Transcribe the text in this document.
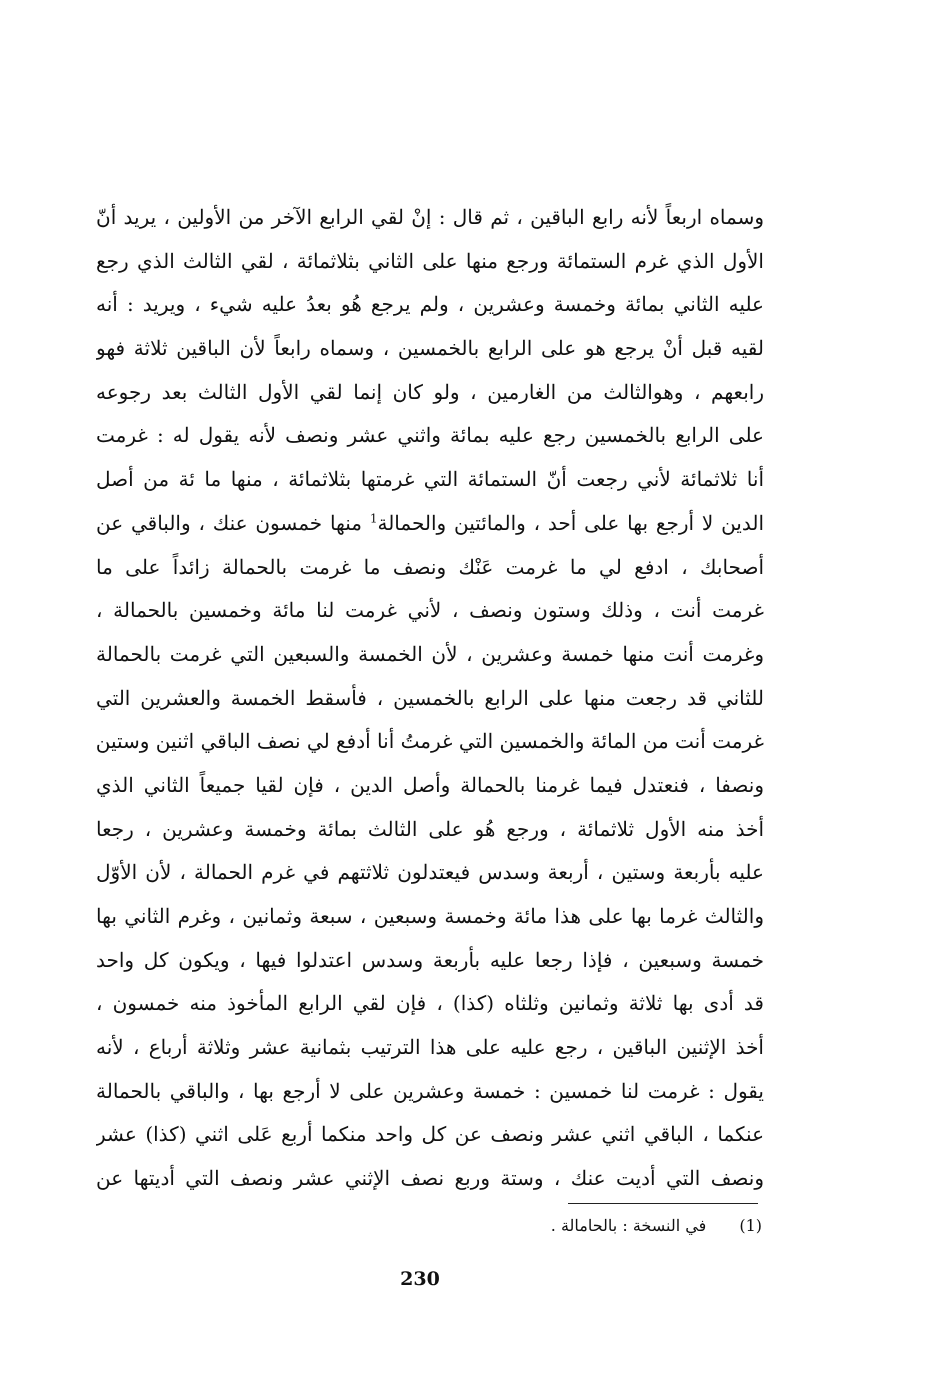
وسماه اربعاً لأنه رابع الباقين ، ثم قال : إنْ لقي الرابع الآخر من الأولين ، يريد أنّ
الأول الذي غرم الستمائة ورجع منها على الثاني بثلاثمائة ، لقي الثالث الذي رجع
عليه الثاني بمائة وخمسة وعشرين ، ولم يرجع هُو بعدُ عليه شيء ، ويريد : أنه
لقيه قبل أنْ يرجع هو على الرابع بالخمسين ، وسماه رابعاً لأن الباقين ثلاثة فهو
رابعهم ، وهوالثالث من الغارمين ، ولو كان إنما لقي الأول الثالث بعد رجوعه
على الرابع بالخمسين رجع عليه بمائة واثني عشر ونصف لأنه يقول له : غرمت
أنا ثلاثمائة لأني رجعت أنّ الستمائة التي غرمتها بثلاثمائة ، منها ما ئة من أصل
الدين لا أرجع بها على أحد ، والمائتين والحمالة$^1$ منها خمسون عنك ، والباقي عن
أصحابك ، ادفع لي ما غرمت عَنْك ونصف ما غرمت بالحمالة زائداً على ما
غرمت أنت ، وذلك وستون ونصف ، لأني غرمت لنا مائة وخمسين بالحمالة ،
وغرمت أنت منها خمسة وعشرين ، لأن الخمسة والسبعين التي غرمت بالحمالة
للثاني قد رجعت منها على الرابع بالخمسين ، فأسقط الخمسة والعشرين التي
غرمت أنت من المائة والخمسين التي غرمتُ أنا أدفع لي نصف الباقي اثنين وستين
ونصفا ، فنعتدل فيما غرمنا بالحمالة وأصل الدين ، فإن لقيا جميعاً الثاني الذي
أخذ منه الأول ثلاثمائة ، ورجع هُو على الثالث بمائة وخمسة وعشرين ، رجعا
عليه بأربعة وستين ، أربعة وسدس فيعتدلون ثلاثتهم في غرم الحمالة ، لأن الأوّل
والثالث غرما بها على هذا مائة وخمسة وسبعين ، سبعة وثمانين ، وغرم الثاني بها
خمسة وسبعين ، فإذا رجعا عليه بأربعة وسدس اعتدلوا فيها ، ويكون كل واحد
قد أدى بها ثلاثة وثمانين وثلثاه (كذا) ، فإن لقي الرابع المأخوذ منه خمسون ،
أخذ الإثنين الباقين ، رجع عليه على هذا الترتيب بثمانية عشر وثلاثة أرباع ، لأنه
يقول : غرمت لنا خمسين : خمسة وعشرين على لا أرجع بها ، والباقي بالحمالة
عنكما ، الباقي اثني عشر ونصف عن كل واحد منكما أربع عَلى اثني (كذا) عشر
ونصف التي أديت عنك ، وستة وربع نصف الإثني عشر ونصف التي أديتها عن
(1) في النسخة : بالحامالة .
230
